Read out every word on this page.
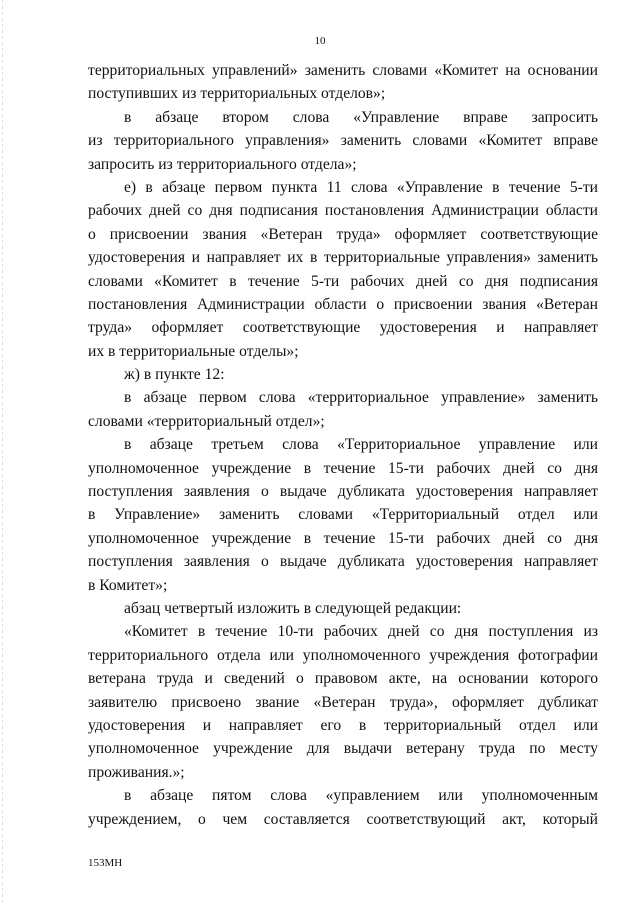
10
территориальных управлений» заменить словами «Комитет на основании
поступивших из территориальных отделов»;
в абзаце втором слова «Управление вправе запросить
из территориального управления» заменить словами «Комитет вправе
запросить из территориального отдела»;
е) в абзаце первом пункта 11 слова «Управление в течение 5-ти
рабочих дней со дня подписания постановления Администрации области
о присвоении звания «Ветеран труда» оформляет соответствующие
удостоверения и направляет их в территориальные управления» заменить
словами «Комитет в течение 5-ти рабочих дней со дня подписания
постановления Администрации области о присвоении звания «Ветеран
труда» оформляет соответствующие удостоверения и направляет
их в территориальные отделы»;
ж) в пункте 12:
в абзаце первом слова «территориальное управление» заменить
словами «территориальный отдел»;
в абзаце третьем слова «Территориальное управление или
уполномоченное учреждение в течение 15-ти рабочих дней со дня
поступления заявления о выдаче дубликата удостоверения направляет
в Управление» заменить словами «Территориальный отдел или
уполномоченное учреждение в течение 15-ти рабочих дней со дня
поступления заявления о выдаче дубликата удостоверения направляет
в Комитет»;
абзац четвертый изложить в следующей редакции:
«Комитет в течение 10-ти рабочих дней со дня поступления из
территориального отдела или уполномоченного учреждения фотографии
ветерана труда и сведений о правовом акте, на основании которого
заявителю присвоено звание «Ветеран труда», оформляет дубликат
удостоверения и направляет его в территориальный отдел или
уполномоченное учреждение для выдачи ветерану труда по месту
проживания.»;
в абзаце пятом слова «управлением или уполномоченным
учреждением, о чем составляется соответствующий акт, который
153МН
